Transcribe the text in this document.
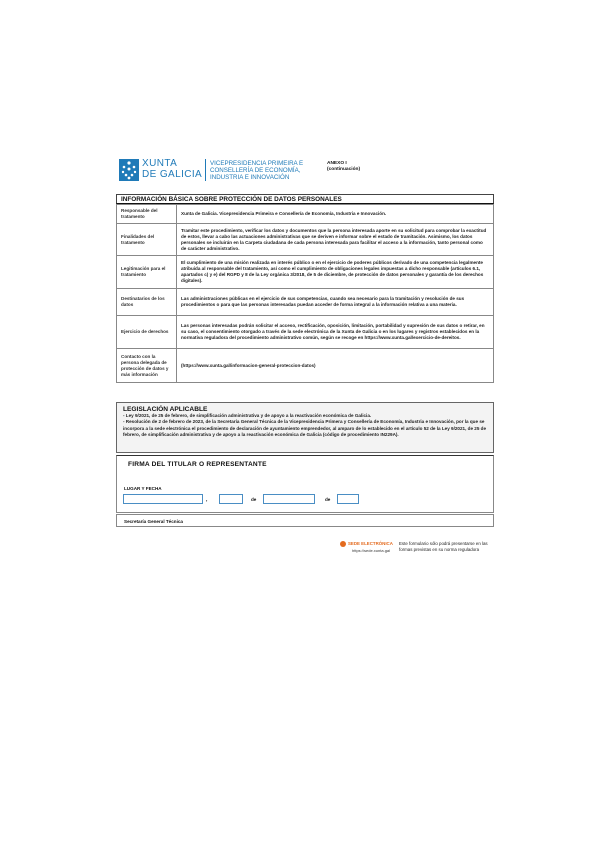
XUNTA
DE GALICIA
VICEPRESIDENCIA PRIMEIRA E
CONSELLERÍA DE ECONOMÍA,
INDUSTRIA E INNOVACIÓN
ANEXO I
(continuación)
INFORMACIÓN BÁSICA SOBRE PROTECCIÓN DE DATOS PERSONALES
Responsable del tratamento	Xunta de Galicia. Vicepresidencia Primeira e Consellería de Economía, Industria e Innovación.
Finalidades del tratamento	Tramitar este procedimiento, verificar los datos y documentos que la persona interesada aporte en su solicitud para comprobar la exactitud de estos, llevar a cabo las actuaciones administrativas que se deriven e informar sobre el estado de tramitación. Asimismo, los datos personales se incluirán en la Carpeta ciudadana de cada persona interesada para facilitar el acceso a la información, tanto personal como de carácter administrativo.
Legitimación para el tratamiento	El cumplimiento de una misión realizada en interés público o en el ejercicio de poderes públicos derivado de una competencia legalmente atribuida al responsable del tratamiento, así como el cumplimiento de obligaciones legales impuestas a dicho responsable (artículos 6.1, apartados c) y e) del RGPD y 8 de la Ley orgánica 3/2018, de 5 de diciembre, de protección de datos personales y garantía de los derechos digitales).
Destinatarios de los datos	Las administraciones públicas en el ejercicio de sus competencias, cuando sea necesario para la tramitación y resolución de sus procedimientos o para que las personas interesadas puedan acceder de forma integral a la información relativa a una materia.
Ejercicio de derechos	Las personas interesadas podrán solicitar el acceso, rectificación, oposición, limitación, portabilidad y supresión de sus datos o retirar, en su caso, el consentimiento otorgado a través de la sede electrónica de la Xunta de Galicia o en los lugares y registros establecidos en la normativa reguladora del procedimiento administrativo común, según se recoge en https://www.xunta.gal/exercicio-de-dereitos.
Contacto con la persona delegada de protección de datos y más información	(https://www.xunta.gal/informacion-general-proteccion-datos)
LEGISLACIÓN APLICABLE
- Ley 9/2021, de 25 de febrero, de simplificación administrativa y de apoyo a la reactivación económica de Galicia.
- Resolución de 2 de febrero de 2023, de la Secretaría General Técnica de la Vicepresidencia Primera y Consellería de Economía, Industria e Innovación, por la que se incorpora a la sede electrónica el procedimiento de declaración de ayuntamiento emprendedor, al amparo de lo establecido en el artículo 52 de la Ley 9/2021, de 25 de febrero, de simplificación administrativa y de apoyo a la reactivación económica de Galicia (código de procedimiento IN229A).
FIRMA DEL TITULAR O REPRESENTANTE
LUGAR Y FECHA
,	de	de
Secretaría General Técnica
SEDE ELECTRÓNICA
https://sede.xunta.gal
Este formulario sólo podrá presentarse en las formas previstas en su norma reguladora
